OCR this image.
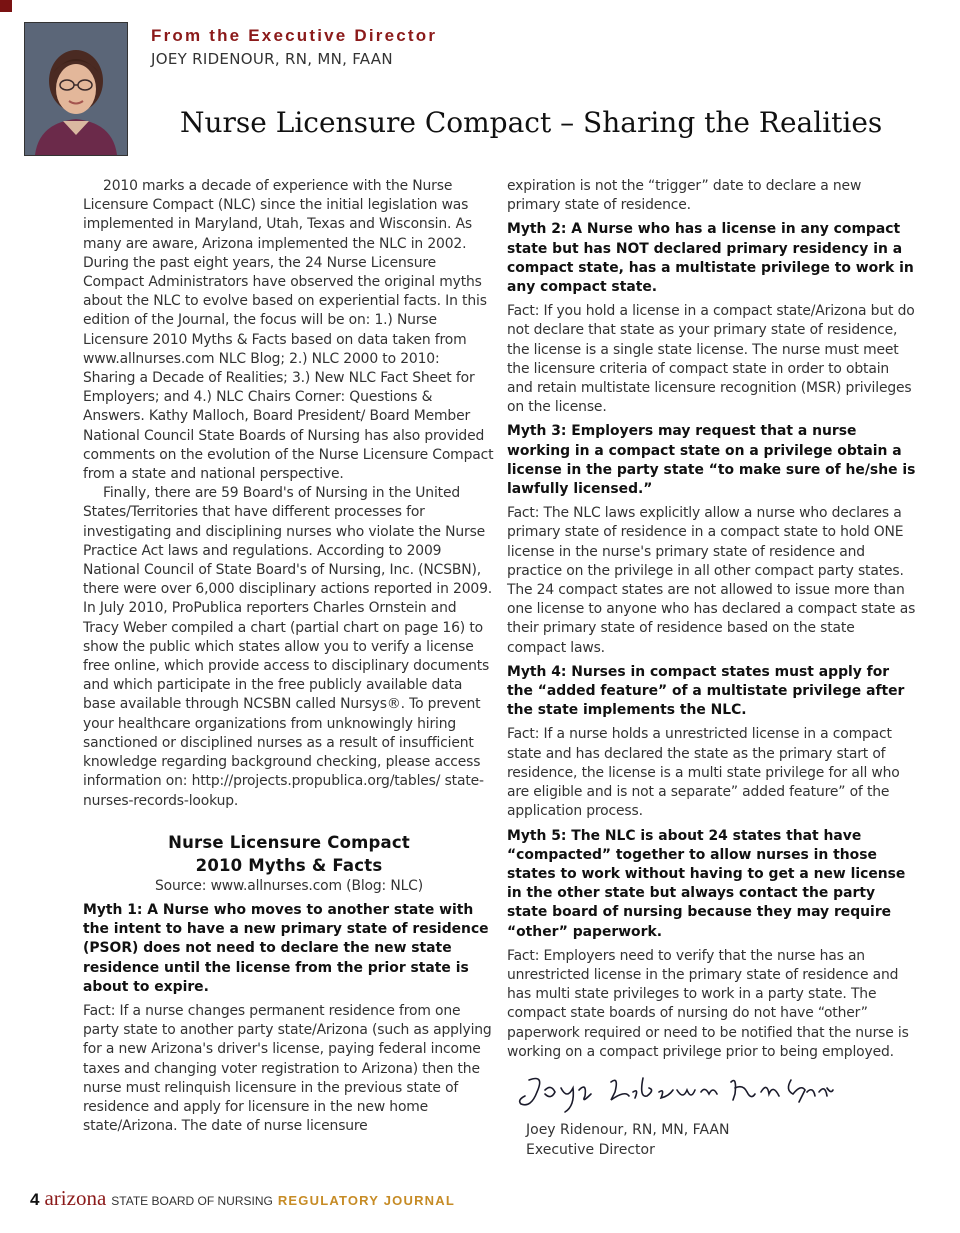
From the Executive Director
JOEY RIDENOUR, RN, MN, FAAN
Nurse Licensure Compact – Sharing the Realities

2010 marks a decade of experience with the Nurse Licensure Compact (NLC) since the initial legislation was implemented in Maryland, Utah, Texas and Wisconsin. As many are aware, Arizona implemented the NLC in 2002. During the past eight years, the 24 Nurse Licensure Compact Administrators have observed the original myths about the NLC to evolve based on experiential facts. In this edition of the Journal, the focus will be on: 1.) Nurse Licensure 2010 Myths & Facts based on data taken from www.allnurses.com NLC Blog; 2.) NLC 2000 to 2010: Sharing a Decade of Realities; 3.) New NLC Fact Sheet for Employers; and 4.) NLC Chairs Corner: Questions & Answers. Kathy Malloch, Board President/ Board Member National Council State Boards of Nursing has also provided comments on the evolution of the Nurse Licensure Compact from a state and national perspective.

Finally, there are 59 Board's of Nursing in the United States/Territories that have different processes for investigating and disciplining nurses who violate the Nurse Practice Act laws and regulations. According to 2009 National Council of State Board's of Nursing, Inc. (NCSBN), there were over 6,000 disciplinary actions reported in 2009. In July 2010, ProPublica reporters Charles Ornstein and Tracy Weber compiled a chart (partial chart on page 16) to show the public which states allow you to verify a license free online, which provide access to disciplinary documents and which participate in the free publicly available data base available through NCSBN called Nursys®. To prevent your healthcare organizations from unknowingly hiring sanctioned or disciplined nurses as a result of insufficient knowledge regarding background checking, please access information on: http://projects.propublica.org/tables/ state-nurses-records-lookup.

Nurse Licensure Compact
2010 Myths & Facts

Source: www.allnurses.com (Blog: NLC)

Myth 1: A Nurse who moves to another state with the intent to have a new primary state of residence (PSOR) does not need to declare the new state residence until the license from the prior state is about to expire.

Fact: If a nurse changes permanent residence from one party state to another party state/Arizona (such as applying for a new Arizona's driver's license, paying federal income taxes and changing voter registration to Arizona) then the nurse must relinquish licensure in the previous state of residence and apply for licensure in the new home state/Arizona. The date of nurse licensure

expiration is not the “trigger” date to declare a new primary state of residence.

Myth 2: A Nurse who has a license in any compact state but has NOT declared primary residency in a compact state, has a multistate privilege to work in any compact state.

Fact: If you hold a license in a compact state/Arizona but do not declare that state as your primary state of residence, the license is a single state license. The nurse must meet the licensure criteria of compact state in order to obtain and retain multistate licensure recognition (MSR) privileges on the license.

Myth 3: Employers may request that a nurse working in a compact state on a privilege obtain a license in the party state “to make sure of he/she is lawfully licensed.”

Fact: The NLC laws explicitly allow a nurse who declares a primary state of residence in a compact state to hold ONE license in the nurse's primary state of residence and practice on the privilege in all other compact party states. The 24 compact states are not allowed to issue more than one license to anyone who has declared a compact state as their primary state of residence based on the state compact laws.

Myth 4: Nurses in compact states must apply for the “added feature” of a multistate privilege after the state implements the NLC.

Fact: If a nurse holds a unrestricted license in a compact state and has declared the state as the primary start of residence, the license is a multi state privilege for all who are eligible and is not a separate” added feature” of the application process.

Myth 5: The NLC is about 24 states that have “compacted” together to allow nurses in those states to work without having to get a new license in the other state but always contact the party state board of nursing because they may require “other” paperwork.

Fact: Employers need to verify that the nurse has an unrestricted license in the primary state of residence and has multi state privileges to work in a party state. The compact state boards of nursing do not have “other” paperwork required or need to be notified that the nurse is working on a compact privilege prior to being employed.

Joey Ridenour, RN, MN, FAAN
Executive Director
4 arizona STATE BOARD OF NURSING REGULATORY JOURNAL
